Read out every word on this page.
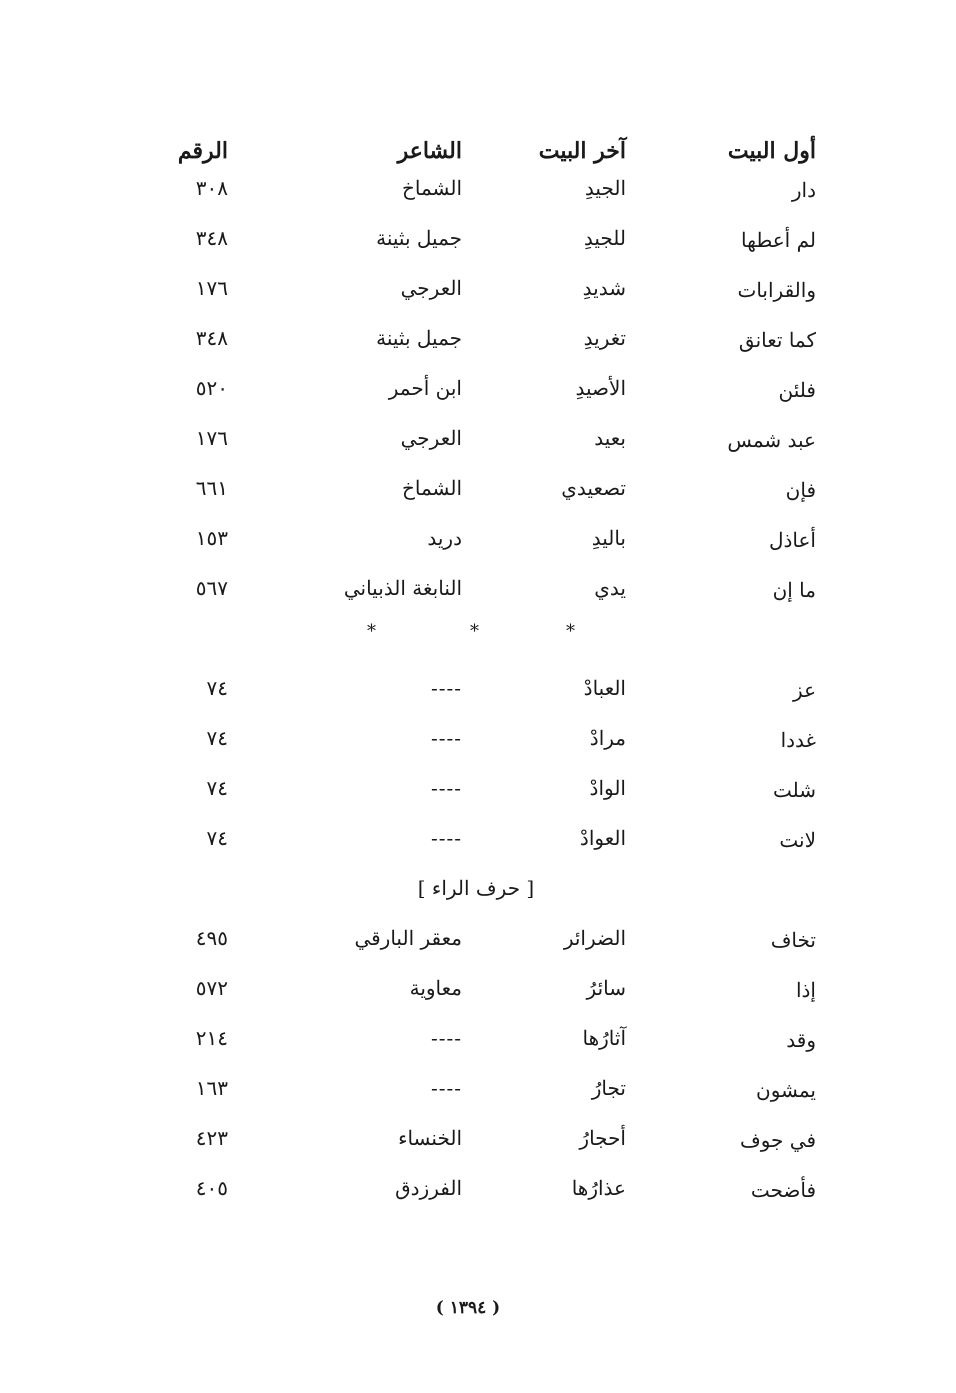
أول البيت
آخر البيت
الشاعر
الرقم
دار
الجيدِ
الشماخ
٣٠٨
لم أعطها
للجيدِ
جميل بثينة
٣٤٨
والقرابات
شديدِ
العرجي
١٧٦
كما تعانق
تغريدِ
جميل بثينة
٣٤٨
فلئن
الأصيدِ
ابن أحمر
٥٢٠
عبد شمس
بعيد
العرجي
١٧٦
فإن
تصعيدي
الشماخ
٦٦١
أعاذل
باليدِ
دريد
١٥٣
ما إن
يدي
النابغة الذبياني
٥٦٧
*	*	*
عز
العبادْ
----
٧٤
غددا
مرادْ
----
٧٤
شلت
الوادْ
----
٧٤
لانت
العوادْ
----
٧٤
[ حرف الراء ]
تخاف
الضرائر
معقر البارقي
٤٩٥
إذا
سائرُ
معاوية
٥٧٢
وقد
آثارُها
----
٢١٤
يمشون
تجارُ
----
١٦٣
في جوف
أحجارُ
الخنساء
٤٢٣
فأضحت
عذارُها
الفرزدق
٤٠٥
( ١٣٩٤ )
